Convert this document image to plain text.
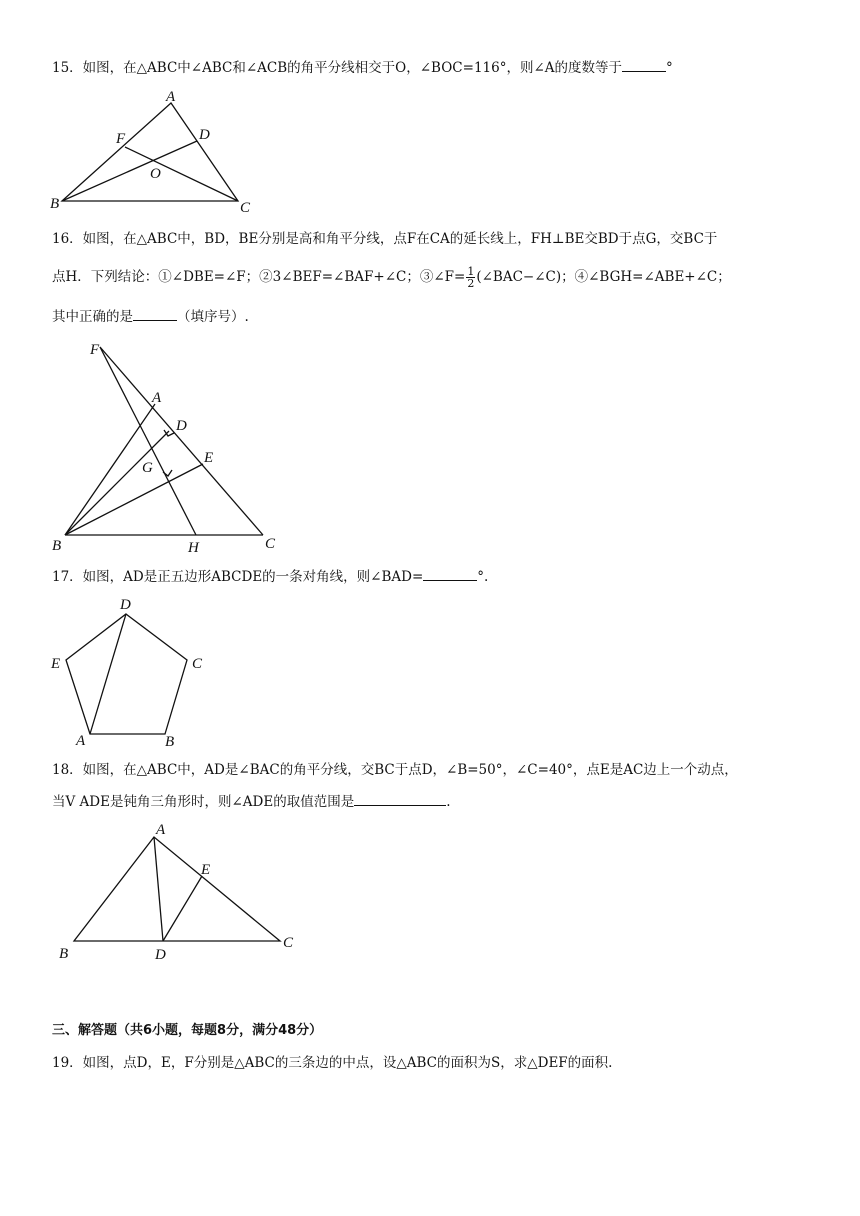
15．如图，在△ABC中∠ABC和∠ACB的角平分线相交于O，∠BOC=116°，则∠A的度数等于	°
A
B	C
D
F
O
16．如图，在△ABC中，BD，BE分别是高和角平分线，点F在CA的延长线上，FH⊥BE交BD于点G，交BC于
点H．下列结论：①∠DBE=∠F；②3∠BEF=∠BAF+∠C；③∠F= $\frac{1}{2}$ (∠BAC−∠C)；④∠BGH=∠ABE+∠C；
其中正确的是	（填序号）.
F
A
D
G
E
B	H	C
17．如图，AD是正五边形ABCDE的一条对角线，则∠BAD=	°.
D
E	C
A	B
18．如图，在△ABC中，AD是∠BAC的角平分线，交BC于点D，∠B=50°，∠C=40°，点E是AC边上一个动点，
当V ADE是钝角三角形时，则∠ADE的取值范围是	.
A
E
B	D
C
三、解答题（共6小题，每题8分，满分48分）
19．如图，点D，E，F分别是△ABC的三条边的中点，设△ABC的面积为S，求△DEF的面积.
